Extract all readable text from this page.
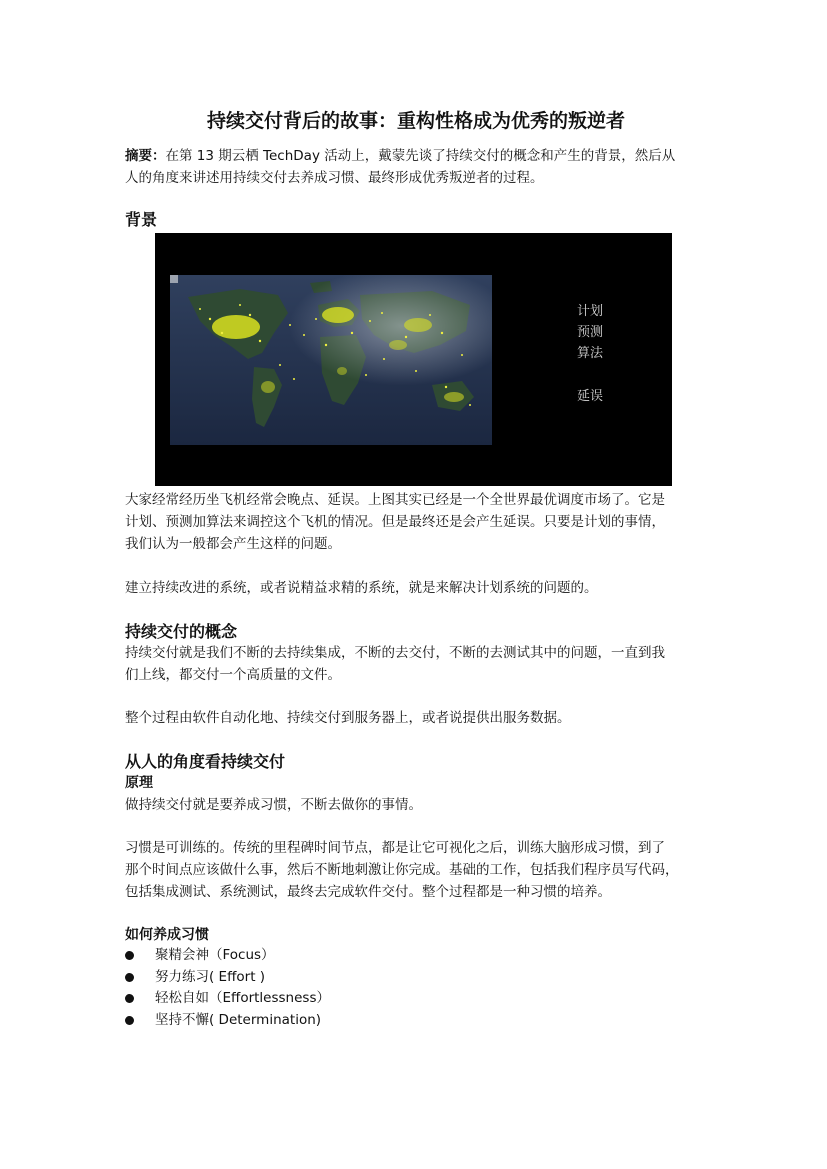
持续交付背后的故事：重构性格成为优秀的叛逆者

摘要：在第 13 期云栖 TechDay 活动上，戴蒙先谈了持续交付的概念和产生的背景，然后从

人的角度来讲述用持续交付去养成习惯、最终形成优秀叛逆者的过程。

背景
计划
预测
算法
延误

大家经常经历坐飞机经常会晚点、延误。上图其实已经是一个全世界最优调度市场了。它是

计划、预测加算法来调控这个飞机的情况。但是最终还是会产生延误。只要是计划的事情，

我们认为一般都会产生这样的问题。

建立持续改进的系统，或者说精益求精的系统，就是来解决计划系统的问题的。

持续交付的概念

持续交付就是我们不断的去持续集成，不断的去交付，不断的去测试其中的问题，一直到我

们上线，都交付一个高质量的文件。

整个过程由软件自动化地、持续交付到服务器上，或者说提供出服务数据。

从人的角度看持续交付
原理

做持续交付就是要养成习惯，不断去做你的事情。

习惯是可训练的。传统的里程碑时间节点，都是让它可视化之后，训练大脑形成习惯，到了

那个时间点应该做什么事，然后不断地刺激让你完成。基础的工作，包括我们程序员写代码，

包括集成测试、系统测试，最终去完成软件交付。整个过程都是一种习惯的培养。

如何养成习惯
聚精会神（Focus）
努力练习( Effort )
轻松自如（Effortlessness）
坚持不懈( Determination)
